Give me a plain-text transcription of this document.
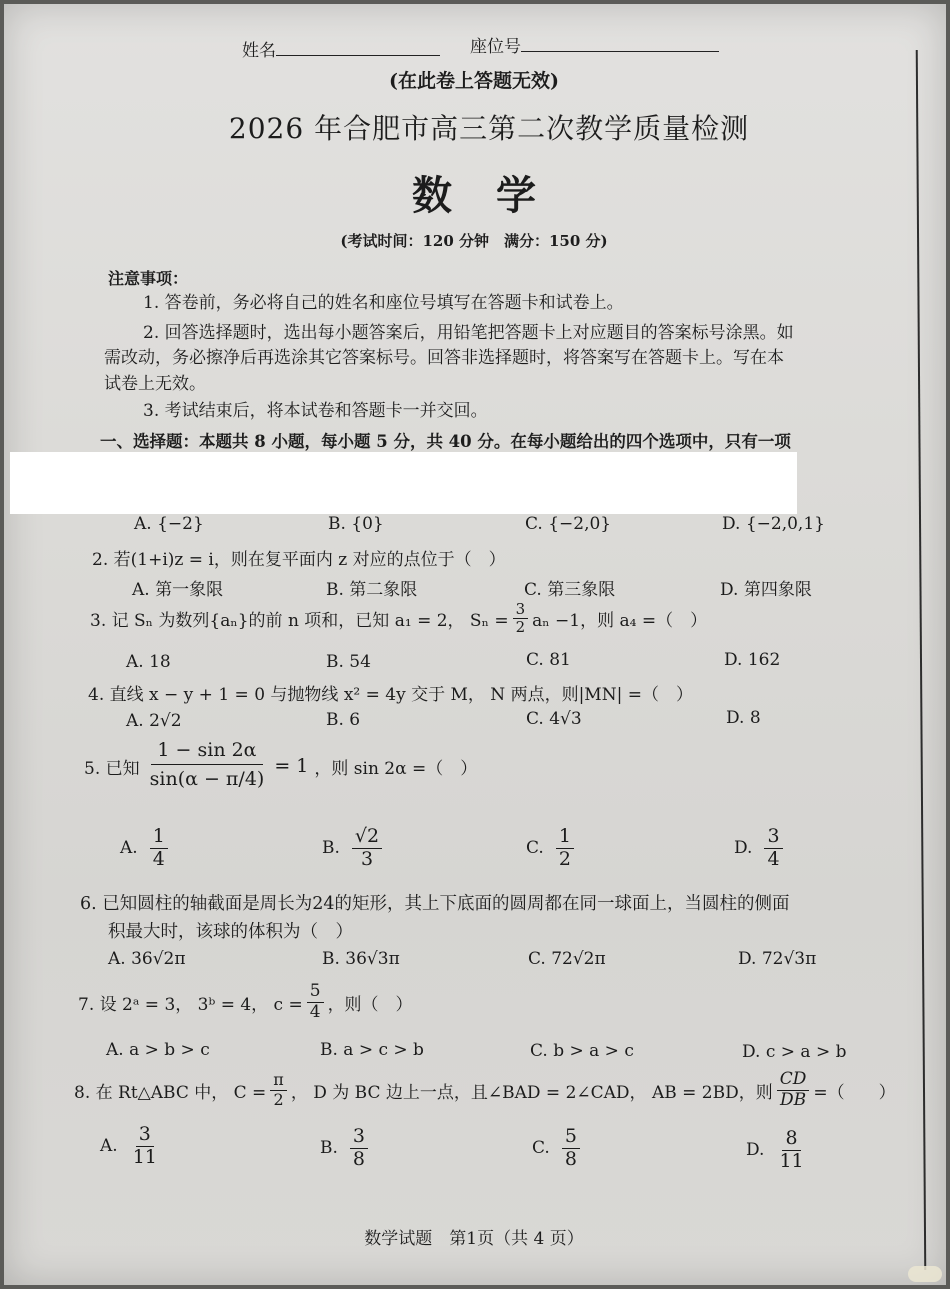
姓名	座位号
(在此卷上答题无效)
2026 年合肥市高三第二次教学质量检测
数 学
(考试时间：120 分钟　满分：150 分)
注意事项：
1. 答卷前，务必将自己的姓名和座位号填写在答题卡和试卷上。
2. 回答选择题时，选出每小题答案后，用铅笔把答题卡上对应题目的答案标号涂黑。如
需改动，务必擦净后再选涂其它答案标号。回答非选择题时，将答案写在答题卡上。写在本
试卷上无效。
3. 考试结束后，将本试卷和答题卡一并交回。
一、选择题：本题共 8 小题，每小题 5 分，共 40 分。在每小题给出的四个选项中，只有一项
A. {−2}	B. {0}	C. {−2,0}	D. {−2,0,1}
2. 若(1+i)z = i，则在复平面内 z 对应的点位于（　）
A. 第一象限	B. 第二象限	C. 第三象限	D. 第四象限
3. 记 Sₙ 为数列{aₙ}的前 n 项和，已知 a₁ = 2， $S_n = \frac{3}{2}$ aₙ −1，则 a₄ =（　）
A. 18	B. 54	C. 81	D. 162
4. 直线 x − y + 1 = 0 与抛物线 x² = 4y 交于 M， N 两点，则|MN| =（　）
A. 2√2	B. 6	C. 4√3	D. 8
5. 已知 $\frac{1 - \sin 2\alpha}{\sin(\alpha - \pi/4)} = 1$ ，则 sin 2α =（　）
A. $\frac{1}{4}$	B. $\frac{√2}{3}$	C. $\frac{1}{2}$	D. $\frac{3}{4}$
6. 已知圆柱的轴截面是周长为24的矩形，其上下底面的圆周都在同一球面上，当圆柱的侧面
积最大时，该球的体积为（　）
A. 36√2π	B. 36√3π	C. 72√2π	D. 72√3π
7. 设 2ᵃ = 3， 3ᵇ = 4， $c = \frac{5}{4}$ ，则（　）
A. a > b > c	B. a > c > b	C. b > a > c	D. c > a > b
8. 在 Rt△ABC 中， $C = \frac{\pi}{2}$ ， D 为 BC 边上一点，且∠BAD = 2∠CAD， AB = 2BD，则 $\frac{CD}{DB}$ =（　　）
A. $\frac{3}{11}$	B. $\frac{3}{8}$	C. $\frac{5}{8}$	D. $\frac{8}{11}$
数学试题　第1页（共 4 页）
